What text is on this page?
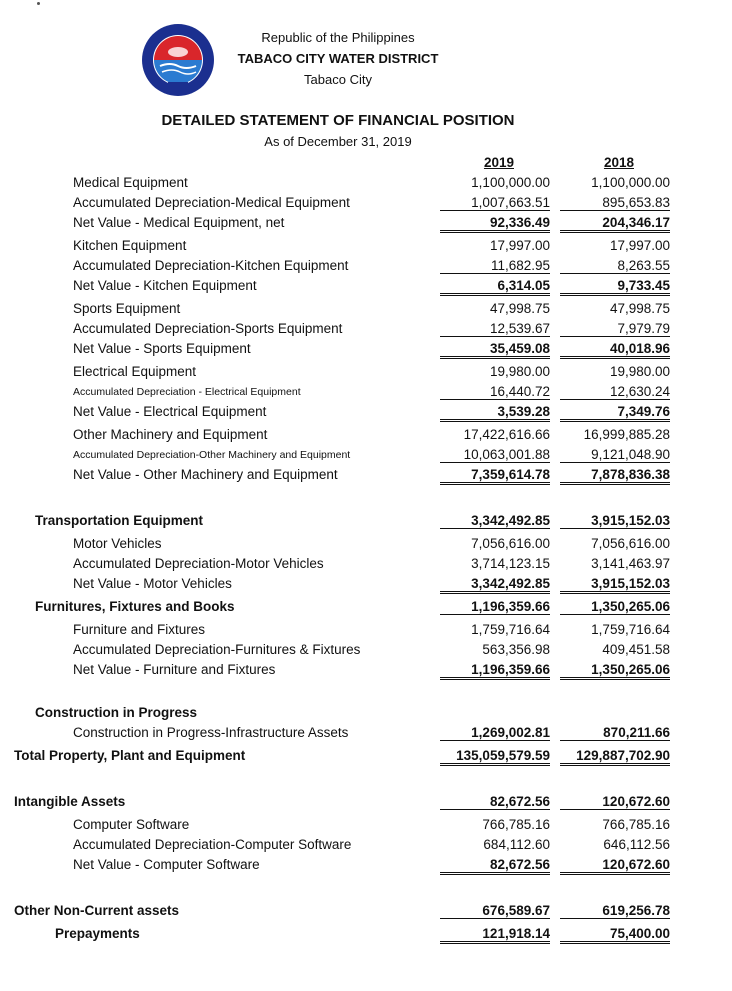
Republic of the Philippines
TABACO CITY WATER DISTRICT
Tabaco City
DETAILED STATEMENT OF FINANCIAL POSITION
As of December 31, 2019
2019	2018
Medical Equipment	1,100,000.00	1,100,000.00
Accumulated Depreciation-Medical Equipment	1,007,663.51	895,653.83
Net Value - Medical Equipment, net	92,336.49	204,346.17
Kitchen Equipment	17,997.00	17,997.00
Accumulated Depreciation-Kitchen Equipment	11,682.95	8,263.55
Net Value - Kitchen Equipment	6,314.05	9,733.45
Sports Equipment	47,998.75	47,998.75
Accumulated Depreciation-Sports Equipment	12,539.67	7,979.79
Net Value - Sports Equipment	35,459.08	40,018.96
Electrical Equipment	19,980.00	19,980.00
Accumulated Depreciation - Electrical Equipment	16,440.72	12,630.24
Net Value - Electrical Equipment	3,539.28	7,349.76
Other Machinery and Equipment	17,422,616.66	16,999,885.28
Accumulated Depreciation-Other Machinery and Equipment	10,063,001.88	9,121,048.90
Net Value - Other Machinery and Equipment	7,359,614.78	7,878,836.38
Transportation Equipment	3,342,492.85	3,915,152.03
Motor Vehicles	7,056,616.00	7,056,616.00
Accumulated Depreciation-Motor Vehicles	3,714,123.15	3,141,463.97
Net Value - Motor Vehicles	3,342,492.85	3,915,152.03
Furnitures, Fixtures and Books	1,196,359.66	1,350,265.06
Furniture and Fixtures	1,759,716.64	1,759,716.64
Accumulated Depreciation-Furnitures & Fixtures	563,356.98	409,451.58
Net Value - Furniture and Fixtures	1,196,359.66	1,350,265.06
Construction in Progress
Construction in Progress-Infrastructure Assets	1,269,002.81	870,211.66
Total Property, Plant and Equipment	135,059,579.59	129,887,702.90
Intangible Assets	82,672.56	120,672.60
Computer Software	766,785.16	766,785.16
Accumulated Depreciation-Computer Software	684,112.60	646,112.56
Net Value - Computer Software	82,672.56	120,672.60
Other Non-Current assets	676,589.67	619,256.78
Prepayments	121,918.14	75,400.00
